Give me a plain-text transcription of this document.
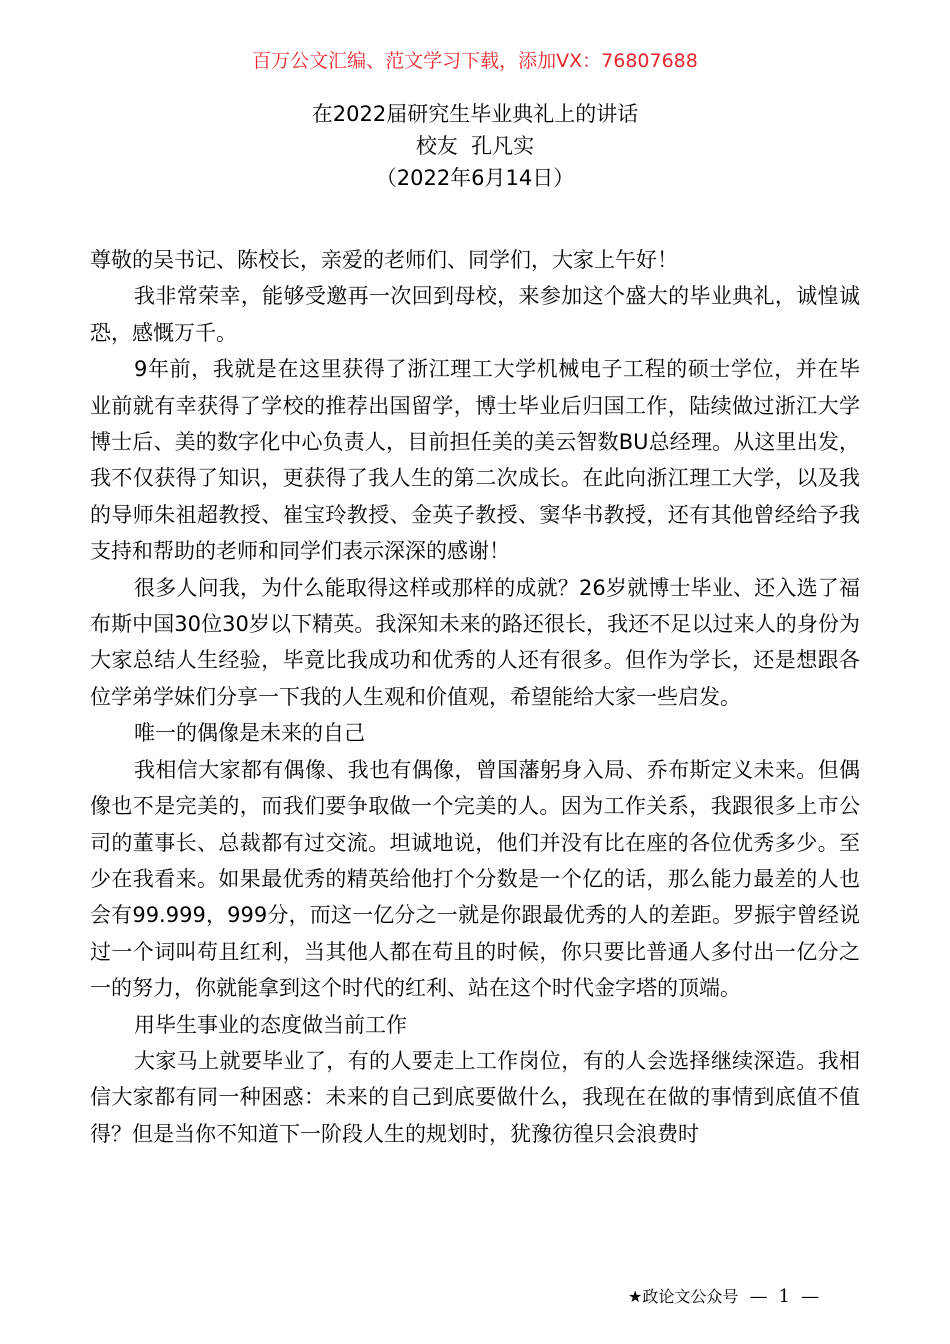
百万公文汇编、范文学习下载，添加VX：76807688
在2022届研究生毕业典礼上的讲话
校友  孔凡实
（2022年6月14日）

尊敬的吴书记、陈校长，亲爱的老师们、同学们，大家上午好！

我非常荣幸，能够受邀再一次回到母校，来参加这个盛大的毕业典礼，诚惶诚恐，感慨万千。

9年前，我就是在这里获得了浙江理工大学机械电子工程的硕士学位，并在毕业前就有幸获得了学校的推荐出国留学，博士毕业后归国工作，陆续做过浙江大学博士后、美的数字化中心负责人，目前担任美的美云智数BU总经理。从这里出发，我不仅获得了知识，更获得了我人生的第二次成长。在此向浙江理工大学，以及我的导师朱祖超教授、崔宝玲教授、金英子教授、窦华书教授，还有其他曾经给予我支持和帮助的老师和同学们表示深深的感谢！

很多人问我，为什么能取得这样或那样的成就？26岁就博士毕业、还入选了福布斯中国30位30岁以下精英。我深知未来的路还很长，我还不足以过来人的身份为大家总结人生经验，毕竟比我成功和优秀的人还有很多。但作为学长，还是想跟各位学弟学妹们分享一下我的人生观和价值观，希望能给大家一些启发。

唯一的偶像是未来的自己

我相信大家都有偶像、我也有偶像，曾国藩躬身入局、乔布斯定义未来。但偶像也不是完美的，而我们要争取做一个完美的人。因为工作关系，我跟很多上市公司的董事长、总裁都有过交流。坦诚地说，他们并没有比在座的各位优秀多少。至少在我看来。如果最优秀的精英给他打个分数是一个亿的话，那么能力最差的人也会有99.999，999分，而这一亿分之一就是你跟最优秀的人的差距。罗振宇曾经说过一个词叫苟且红利，当其他人都在苟且的时候，你只要比普通人多付出一亿分之一的努力，你就能拿到这个时代的红利、站在这个时代金字塔的顶端。

用毕生事业的态度做当前工作

大家马上就要毕业了，有的人要走上工作岗位，有的人会选择继续深造。我相信大家都有同一种困惑：未来的自己到底要做什么，我现在在做的事情到底值不值得？但是当你不知道下一阶段人生的规划时，犹豫彷徨只会浪费时

★政论文公众号 — 1 —
